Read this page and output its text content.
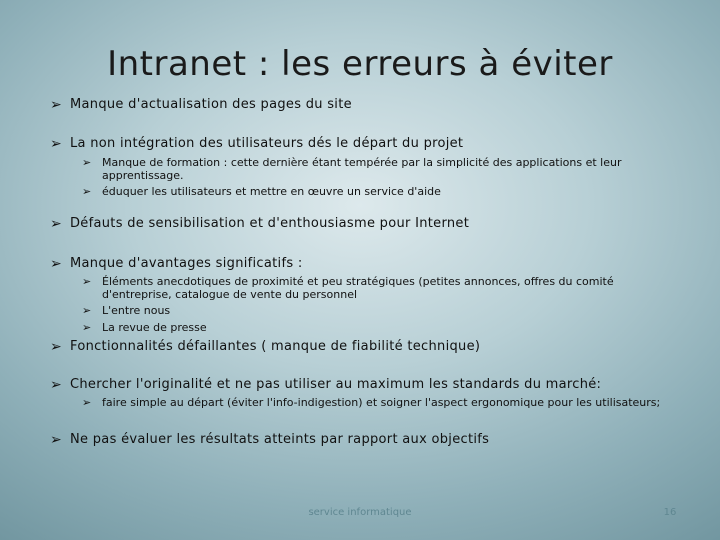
Intranet : les erreurs à éviter
➢ Manque d'actualisation des pages du site
➢ La non intégration des utilisateurs dés le départ du projet
➢ Manque de formation : cette dernière étant tempérée par la simplicité des applications et leur apprentissage.
➢ éduquer les utilisateurs et mettre en œuvre un service d'aide
➢ Défauts de sensibilisation et d'enthousiasme pour Internet
➢ Manque d'avantages significatifs :
➢ Éléments anecdotiques de proximité et peu stratégiques (petites annonces, offres du comité d'entreprise, catalogue de vente du personnel
➢ L'entre nous
➢ La revue de presse
➢ Fonctionnalités défaillantes ( manque de fiabilité technique)
➢ Chercher l'originalité et ne pas utiliser au maximum les standards du marché:
➢ faire simple au départ (éviter l'info-indigestion) et soigner l'aspect ergonomique pour les utilisateurs;
➢ Ne pas évaluer les résultats atteints par rapport aux objectifs
service informatique	16
